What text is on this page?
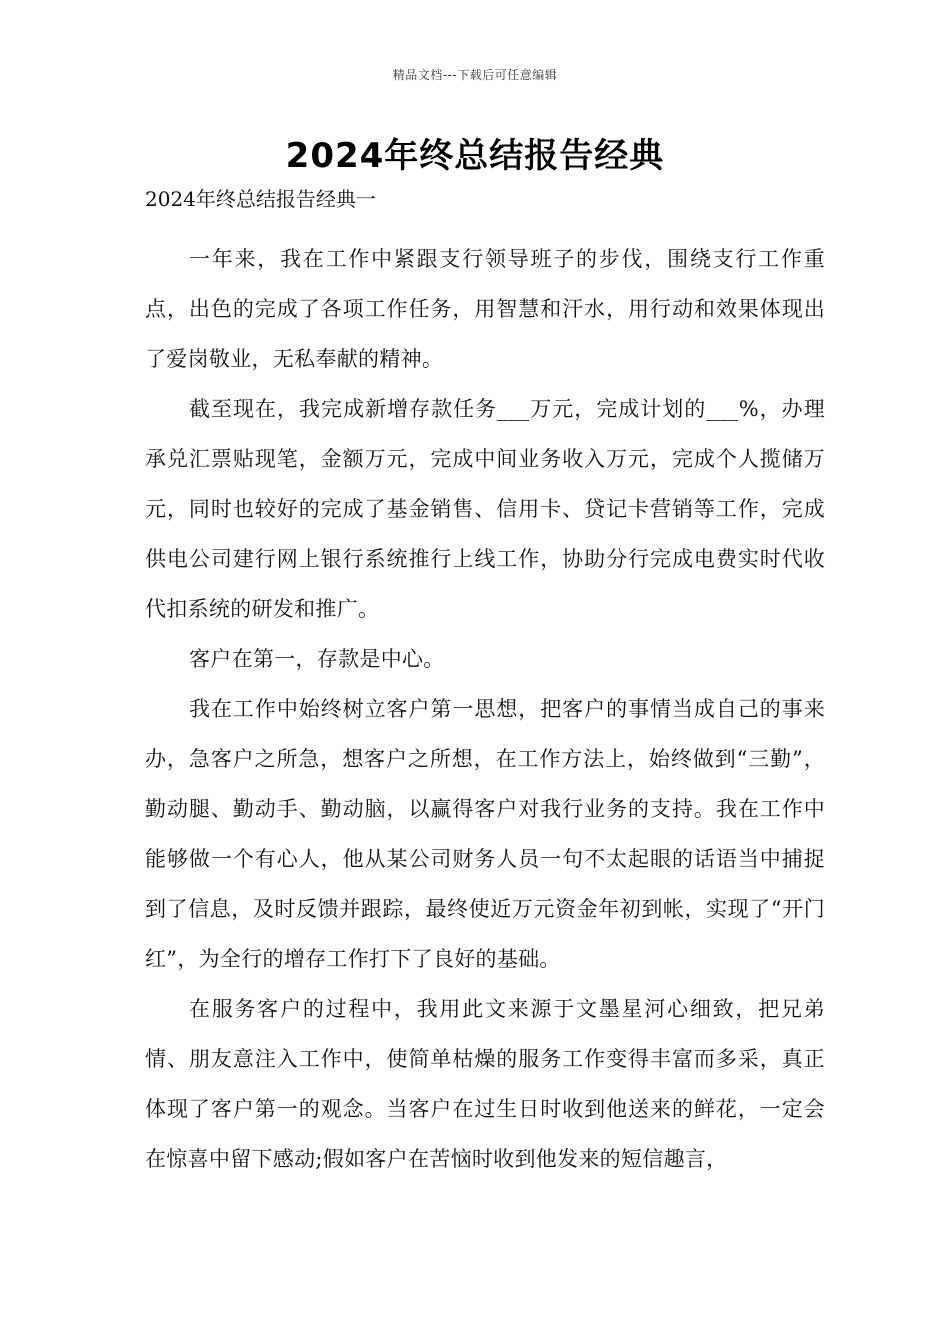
精品文档---下载后可任意编辑
2024年终总结报告经典
2024年终总结报告经典一

一年来，我在工作中紧跟支行领导班子的步伐，围绕支行工作重点，出色的完成了各项工作任务，用智慧和汗水，用行动和效果体现出了爱岗敬业，无私奉献的精神。

截至现在，我完成新增存款任务___万元，完成计划的___%，办理承兑汇票贴现笔，金额万元，完成中间业务收入万元，完成个人揽储万元，同时也较好的完成了基金销售、信用卡、贷记卡营销等工作，完成供电公司建行网上银行系统推行上线工作，协助分行完成电费实时代收代扣系统的研发和推广。

客户在第一，存款是中心。

我在工作中始终树立客户第一思想，把客户的事情当成自己的事来办，急客户之所急，想客户之所想，在工作方法上，始终做到“三勤”，勤动腿、勤动手、勤动脑，以赢得客户对我行业务的支持。我在工作中能够做一个有心人，他从某公司财务人员一句不太起眼的话语当中捕捉到了信息，及时反馈并跟踪，最终使近万元资金年初到帐，实现了“开门红”，为全行的增存工作打下了良好的基础。

在服务客户的过程中，我用此文来源于文墨星河心细致，把兄弟情、朋友意注入工作中，使简单枯燥的服务工作变得丰富而多采，真正体现了客户第一的观念。当客户在过生日时收到他送来的鲜花，一定会在惊喜中留下感动;假如客户在苦恼时收到他发来的短信趣言，
